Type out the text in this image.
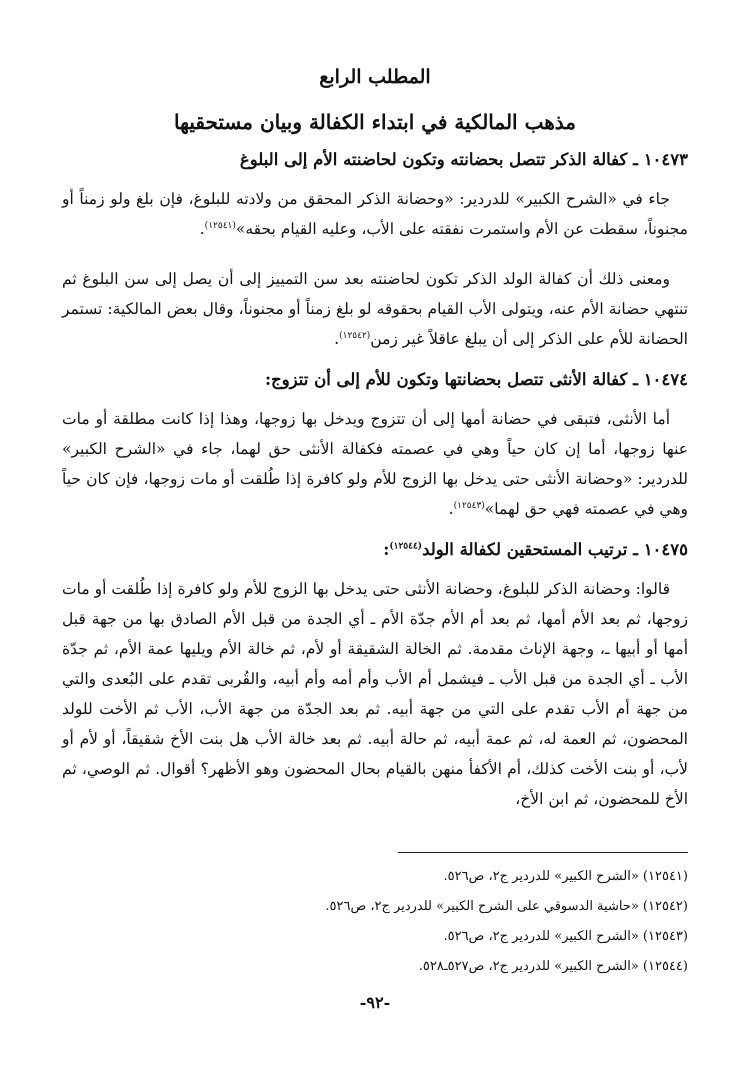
المطلب الرابع

مذهب المالكية في ابتداء الكفالة وبيان مستحقيها

١٠٤٧٣ ـ كفالة الذكر تتصل بحضانته وتكون لحاضنته الأم إلى البلوغ

جاء في «الشرح الكبير» للدردير: «وحضانة الذكر المحقق من ولادته للبلوغ، فإن بلغ ولو زمناً أو مجنوناً، سقطت عن الأم واستمرت نفقته على الأب، وعليه القيام بحقه»$^{(١٢٥٤١)}$.

ومعنى ذلك أن كفالة الولد الذكر تكون لحاضنته بعد سن التمييز إلى أن يصل إلى سن البلوغ ثم تنتهي حضانة الأم عنه، ويتولى الأب القيام بحقوقه لو بلغ زمناً أو مجنوناً، وقال بعض المالكية: تستمر الحضانة للأم على الذكر إلى أن يبلغ عاقلاً غير زمن$^{(١٢٥٤٢)}$.

١٠٤٧٤ ـ كفالة الأنثى تتصل بحضانتها وتكون للأم إلى أن تتزوج:

أما الأنثى، فتبقى في حضانة أمها إلى أن تتزوج ويدخل بها زوجها، وهذا إذا كانت مطلقة أو مات عنها زوجها، أما إن كان حياً وهي في عصمته فكفالة الأنثى حق لهما، جاء في «الشرح الكبير» للدردير: «وحضانة الأنثى حتى يدخل بها الزوج للأم ولو كافرة إذا طُلقت أو مات زوجها، فإن كان حياً وهي في عصمته فهي حق لهما»$^{(١٢٥٤٣)}$.

١٠٤٧٥ ـ ترتيب المستحقين لكفالة الولد$^{(١٢٥٤٤)}$:

قالوا: وحضانة الذكر للبلوغ، وحضانة الأنثى حتى يدخل بها الزوج للأم ولو كافرة إذا طُلقت أو مات زوجها، ثم بعد الأم أمها، ثم بعد أم الأم جدّة الأم ـ أي الجدة من قبل الأم الصادق بها من جهة قبل أمها أو أبيها ـ، وجهة الإناث مقدمة. ثم الخالة الشقيقة أو لأم، ثم خالة الأم ويليها عمة الأم، ثم جدّة الأب ـ أي الجدة من قبل الأب ـ فيشمل أم الأب وأم أمه وأم أبيه، والقُربى تقدم على البُعدى والتي من جهة أم الأب تقدم على التي من جهة أبيه. ثم بعد الجدّة من جهة الأب، الأب ثم الأخت للولد المحضون، ثم العمة له، ثم عمة أبيه، ثم حالة أبيه. ثم بعد خالة الأب هل بنت الأخ شقيقاً، أو لأم أو لأب، أو بنت الأخت كذلك، أم الأكفأ منهن بالقيام بحال المحضون وهو الأظهر؟ أقوال. ثم الوصي، ثم الأخ للمحضون، ثم ابن الأخ،

(١٢٥٤١) «الشرح الكبير» للدردير ج٢، ص٥٢٦.

(١٢٥٤٢) «حاشية الدسوقي على الشرح الكبير» للدردير ج٢، ص٥٢٦.

(١٢٥٤٣) «الشرح الكبير» للدردير ج٢، ص٥٢٦.

(١٢٥٤٤) «الشرح الكبير» للدردير ج٢، ص٥٢٧ـ٥٢٨.

-٩٢-
